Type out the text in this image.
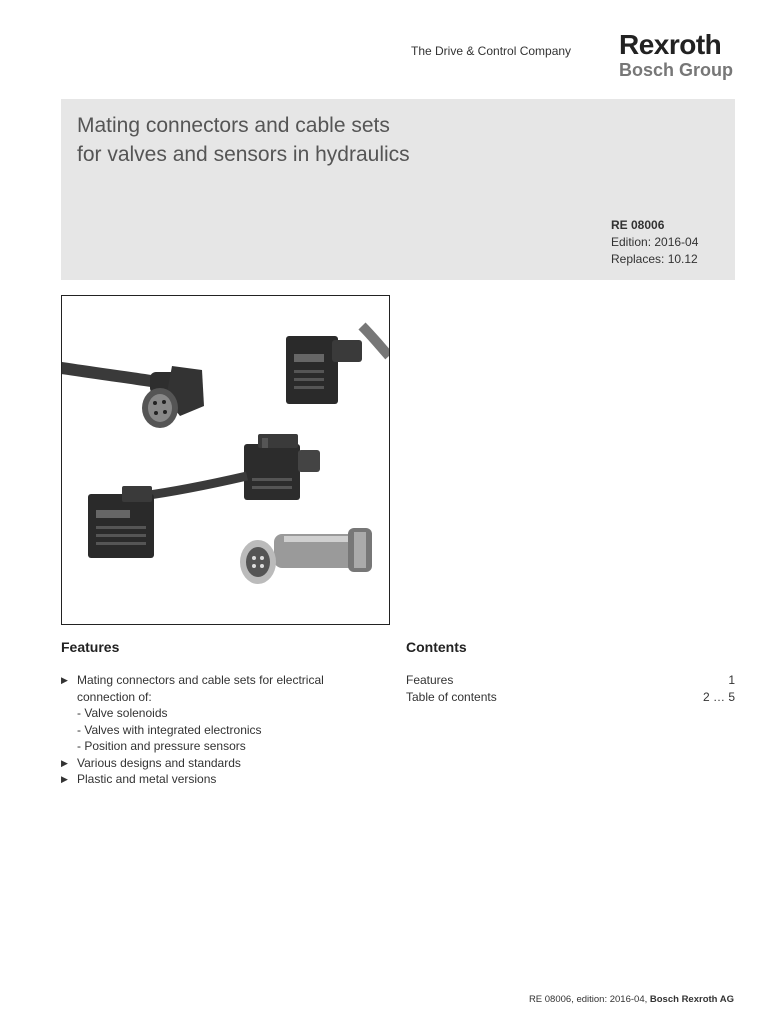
The Drive & Control Company Rexroth
Bosch Group
Mating connectors and cable sets
for valves and sensors in hydraulics
RE 08006
Edition: 2016-04
Replaces: 10.12
Features
▶ Mating connectors and cable sets for electrical
connection of:
- Valve solenoids
- Valves with integrated electronics
- Position and pressure sensors
▶ Various designs and standards
▶ Plastic and metal versions
Contents
Features	1
Table of contents	2 … 5
RE 08006, edition: 2016-04, Bosch Rexroth AG
